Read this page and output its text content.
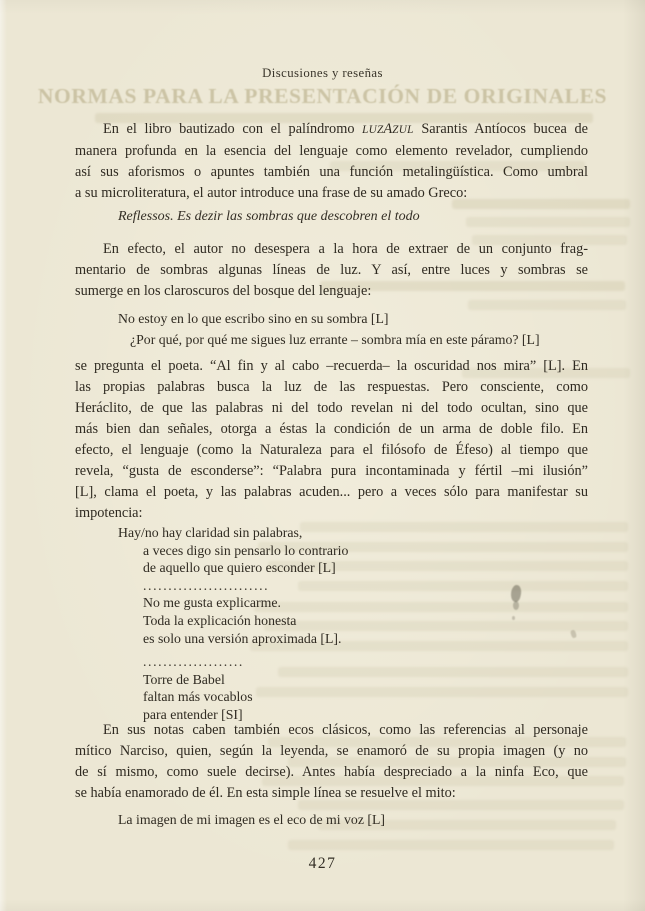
Discusiones y reseñas
NORMAS PARA LA PRESENTACIÓN DE ORIGINALES
En el libro bautizado con el palíndromo LUZAZUL Sarantis Antíocos bucea de
manera profunda en la esencia del lenguaje como elemento revelador, cumpliendo
así sus aforismos o apuntes también una función metalingüística. Como umbral
a su microliteratura, el autor introduce una frase de su amado Greco:
Reflessos. Es dezir las sombras que descobren el todo
En efecto, el autor no desespera a la hora de extraer de un conjunto frag-
mentario de sombras algunas líneas de luz. Y así, entre luces y sombras se
sumerge en los claroscuros del bosque del lenguaje:
No estoy en lo que escribo sino en su sombra [L]
¿Por qué, por qué me sigues luz errante – sombra mía en este páramo? [L]
se pregunta el poeta. “Al fin y al cabo –recuerda– la oscuridad nos mira” [L]. En
las propias palabras busca la luz de las respuestas. Pero consciente, como
Heráclito, de que las palabras ni del todo revelan ni del todo ocultan, sino que
más bien dan señales, otorga a éstas la condición de un arma de doble filo. En
efecto, el lenguaje (como la Naturaleza para el filósofo de Éfeso) al tiempo que
revela, “gusta de esconderse”: “Palabra pura incontaminada y fértil –mi ilusión”
[L], clama el poeta, y las palabras acuden... pero a veces sólo para manifestar su
impotencia:
Hay/no hay claridad sin palabras,
a veces digo sin pensarlo lo contrario
de aquello que quiero esconder [L]
.........................
No me gusta explicarme.
Toda la explicación honesta
es solo una versión aproximada [L].
....................
Torre de Babel
faltan más vocablos
para entender [SI]
En sus notas caben también ecos clásicos, como las referencias al personaje
mítico Narciso, quien, según la leyenda, se enamoró de su propia imagen (y no
de sí mismo, como suele decirse). Antes había despreciado a la ninfa Eco, que
se había enamorado de él. En esta simple línea se resuelve el mito:
La imagen de mi imagen es el eco de mi voz [L]
427
